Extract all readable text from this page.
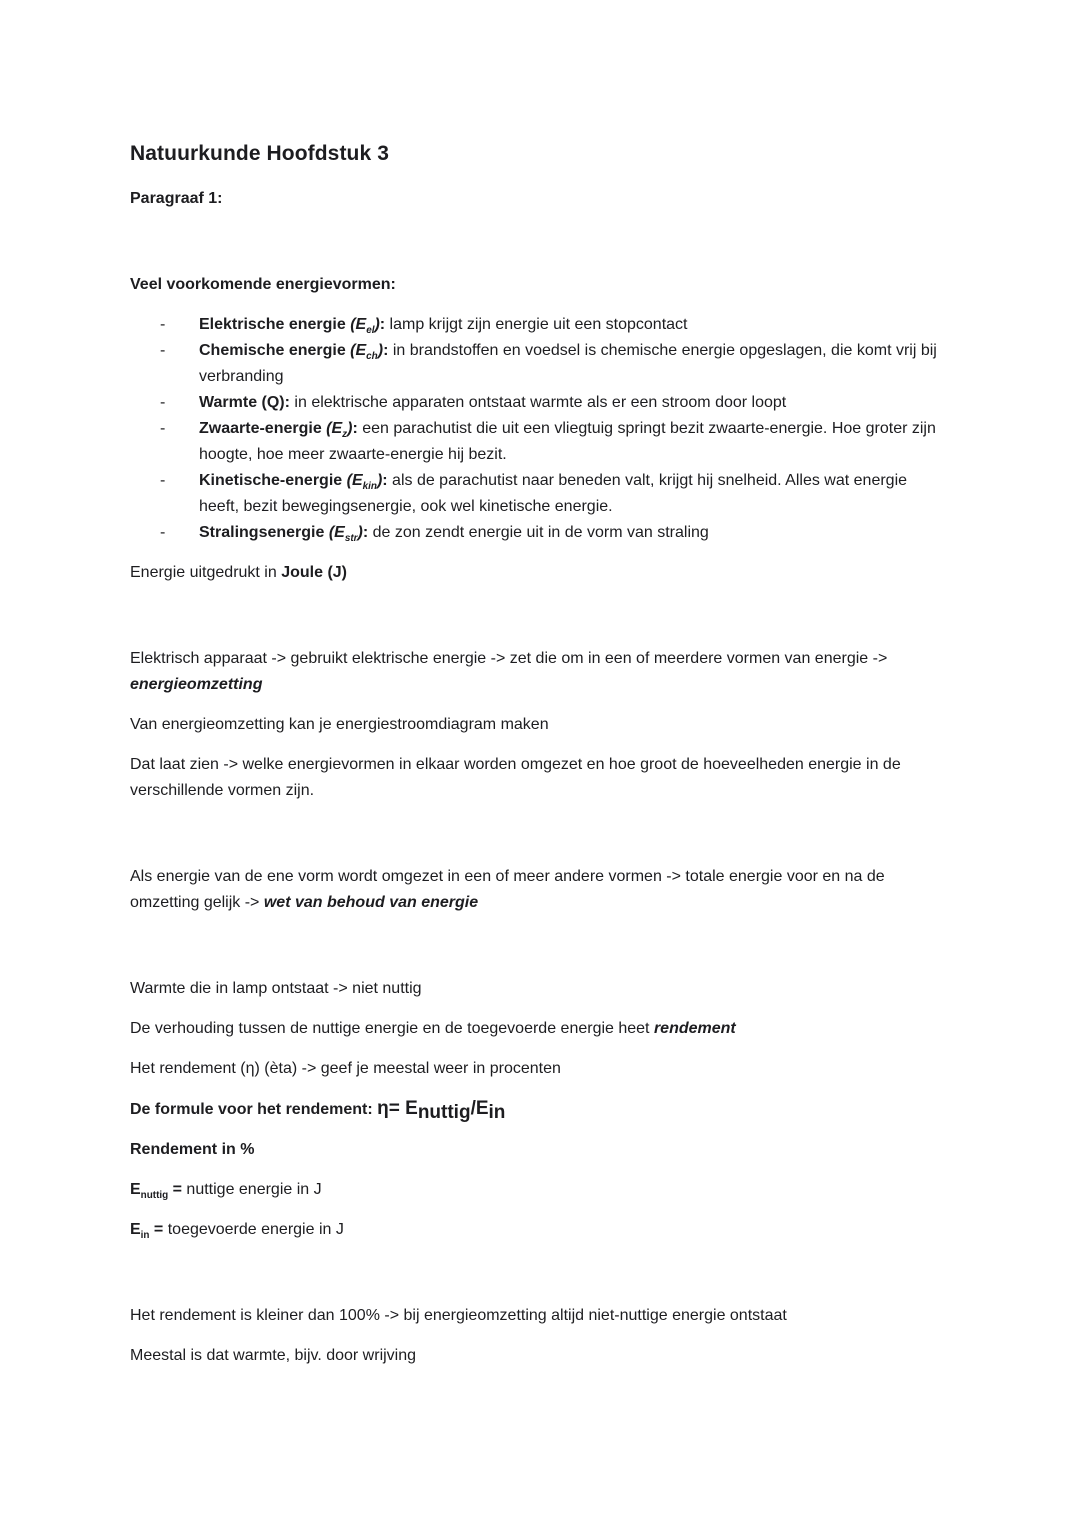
Natuurkunde Hoofdstuk 3

Paragraaf 1:

Veel voorkomende energievormen:

- Elektrische energie $(E_{el})$: lamp krijgt zijn energie uit een stopcontact
- Chemische energie $(E_{ch})$: in brandstoffen en voedsel is chemische energie opgeslagen, die komt vrij bij verbranding
- Warmte (Q): in elektrische apparaten ontstaat warmte als er een stroom door loopt
- Zwaarte-energie $(E_z)$: een parachutist die uit een vliegtuig springt bezit zwaarte-energie. Hoe groter zijn hoogte, hoe meer zwaarte-energie hij bezit.
- Kinetische-energie $(E_{kin})$: als de parachutist naar beneden valt, krijgt hij snelheid. Alles wat energie heeft, bezit bewegingsenergie, ook wel kinetische energie.
- Stralingsenergie $(E_{str})$: de zon zendt energie uit in de vorm van straling

Energie uitgedrukt in Joule (J)

Elektrisch apparaat -> gebruikt elektrische energie -> zet die om in een of meerdere vormen van energie -> energieomzetting

Van energieomzetting kan je energiestroomdiagram maken

Dat laat zien -> welke energievormen in elkaar worden omgezet en hoe groot de hoeveelheden energie in de verschillende vormen zijn.

Als energie van de ene vorm wordt omgezet in een of meer andere vormen -> totale energie voor en na de omzetting gelijk -> wet van behoud van energie

Warmte die in lamp ontstaat -> niet nuttig

De verhouding tussen de nuttige energie en de toegevoerde energie heet rendement

Het rendement (η) (èta) -> geef je meestal weer in procenten

De formule voor het rendement: $\eta= E_{nuttig}/E_{in}$

Rendement in %

$E_{nuttig}$ = nuttige energie in J

$E_{in}$ = toegevoerde energie in J

Het rendement is kleiner dan 100% -> bij energieomzetting altijd niet-nuttige energie ontstaat

Meestal is dat warmte, bijv. door wrijving
